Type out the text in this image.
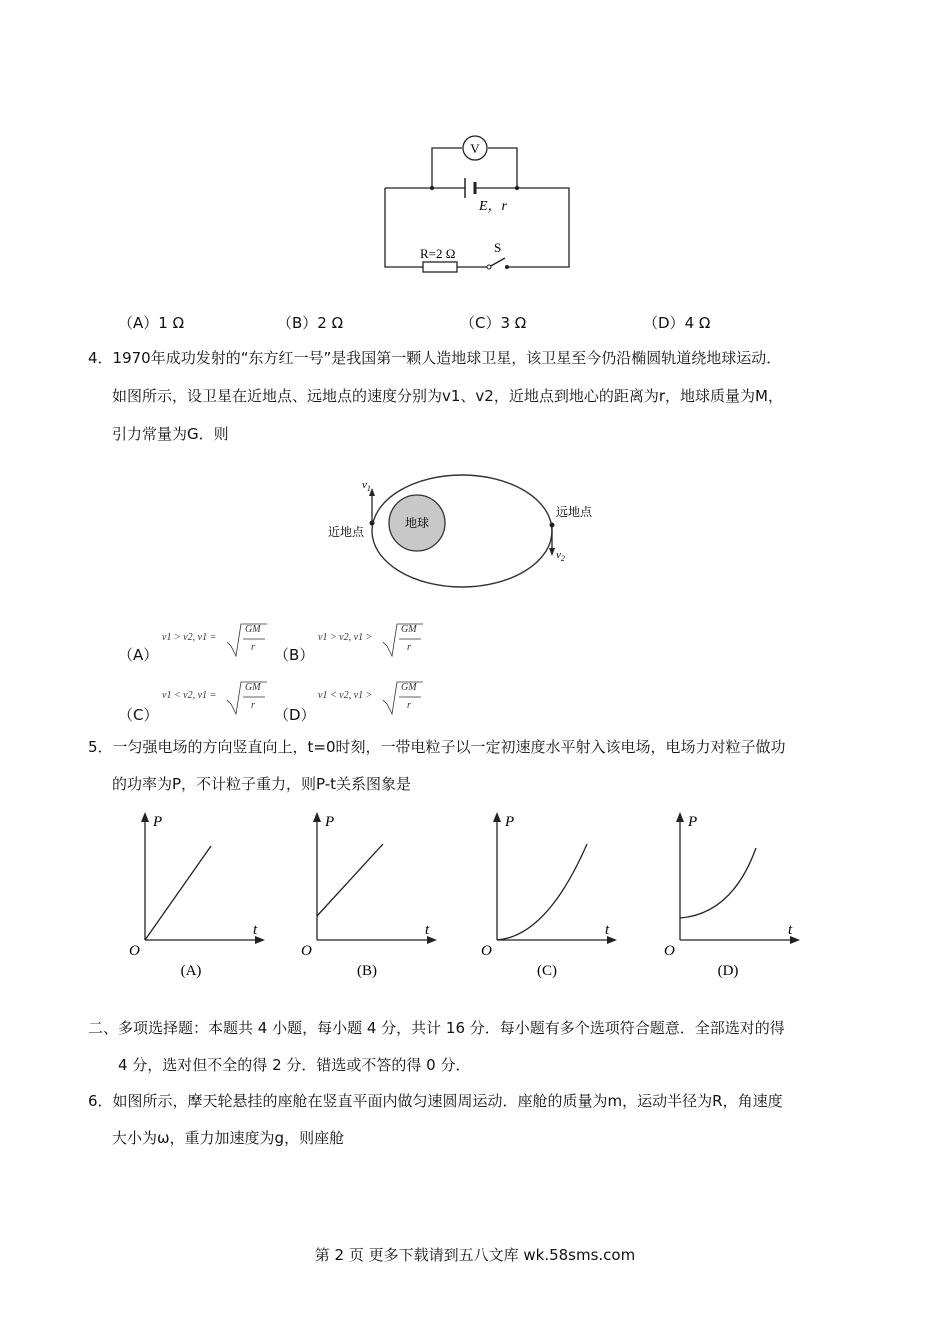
V
E，r
R=2 Ω	S
（A）1 Ω	（B）2 Ω	（C）3 Ω	（D）4 Ω
4．1970年成功发射的“东方红一号”是我国第一颗人造地球卫星，该卫星至今仍沿椭圆轨道绕地球运动．
如图所示，设卫星在近地点、远地点的速度分别为v1、v2，近地点到地心的距离为r，地球质量为M，
引力常量为G．则
地球
$v_1$
近地点
$v_2$
远地点
（A）
v1 > v2, v1 =
GM
r （B）
v1 > v2, v1 >
GM
r
（C）
v1 < v2, v1 =
GM
r
（D）
v1 < v2, v1 >
GM
r
5．一匀强电场的方向竖直向上，t=0时刻，一带电粒子以一定初速度水平射入该电场，电场力对粒子做功
的功率为P，不计粒子重力，则P-t关系图象是
P
t
O
(A)
P
t
O
(B)
P
t
O
(C)
P
t
O
(D)
二、多项选择题：本题共 4 小题，每小题 4 分，共计 16 分．每小题有多个选项符合题意．全部选对的得
4 分，选对但不全的得 2 分．错选或不答的得 0 分．
6．如图所示，摩天轮悬挂的座舱在竖直平面内做匀速圆周运动．座舱的质量为m，运动半径为R，角速度
大小为ω，重力加速度为g，则座舱
第 2 页 更多下载请到五八文库 wk.58sms.com
